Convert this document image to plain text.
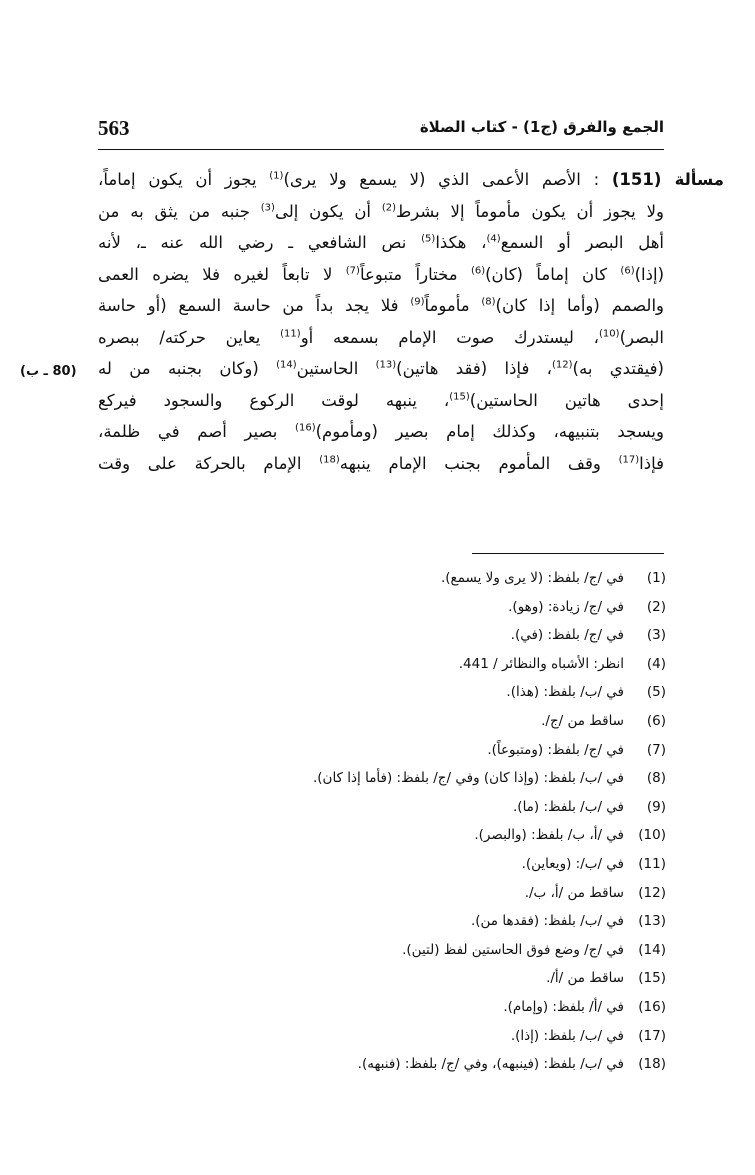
563	الجمع والفرق (ج1) - كتاب الصلاة
مسألة (151) : الأصم الأعمى الذي (لا يسمع ولا يرى)$^{(1)}$ يجوز أن يكون إماماً،
ولا يجوز أن يكون مأموماً إلا بشرط$^{(2)}$ أن يكون إلى$^{(3)}$ جنبه من يثق به من
أهل البصر أو السمع$^{(4)}$، هكذا$^{(5)}$ نص الشافعي ـ رضي الله عنه ـ، لأنه
(إذا)$^{(6)}$ كان إماماً (كان)$^{(6)}$ مختاراً متبوعاً$^{(7)}$ لا تابعاً لغيره فلا يضره العمى
والصمم (وأما إذا كان)$^{(8)}$ مأموماً$^{(9)}$ فلا يجد بداً من حاسة السمع (أو حاسة
البصر)$^{(10)}$، ليستدرك صوت الإمام بسمعه أو$^{(11)}$ يعاين حركته/ ببصره
(فيقتدي به)$^{(12)}$، فإذا (فقد هاتين)$^{(13)}$ الحاستين$^{(14)}$ (وكان بجنبه من له
إحدى هاتين الحاستين)$^{(15)}$، ينبهه لوقت الركوع والسجود فيركع
ويسجد بتنبيهه، وكذلك إمام بصير (ومأموم)$^{(16)}$ بصير أصم في ظلمة،
فإذا$^{(17)}$ وقف المأموم بجنب الإمام ينبهه$^{(18)}$ الإمام بالحركة على وقت
(80 ـ ب)
(1)في /ج/ بلفظ: (لا يرى ولا يسمع).
(2)في /ج/ زيادة: (وهو).
(3)في /ج/ بلفظ: (في).
(4)انظر: الأشباه والنظائر / 441.
(5)في /ب/ بلفظ: (هذا).
(6)ساقط من /ج/.
(7)في /ج/ بلفظ: (ومتبوعاً).
(8)في /ب/ بلفظ: (وإذا كان) وفي /ج/ بلفظ: (فأما إذا كان).
(9)في /ب/ بلفظ: (ما).
(10)في /أ، ب/ بلفظ: (والبصر).
(11)في /ب/: (ويعاين).
(12)ساقط من /أ، ب/.
(13)في /ب/ بلفظ: (فقدها من).
(14)في /ج/ وضع فوق الحاستين لفظ (لتين).
(15)ساقط من /أ/.
(16)في /أ/ بلفظ: (وإمام).
(17)في /ب/ بلفظ: (إذا).
(18)في /ب/ بلفظ: (فينبهه)، وفي /ج/ بلفظ: (فنبهه).
